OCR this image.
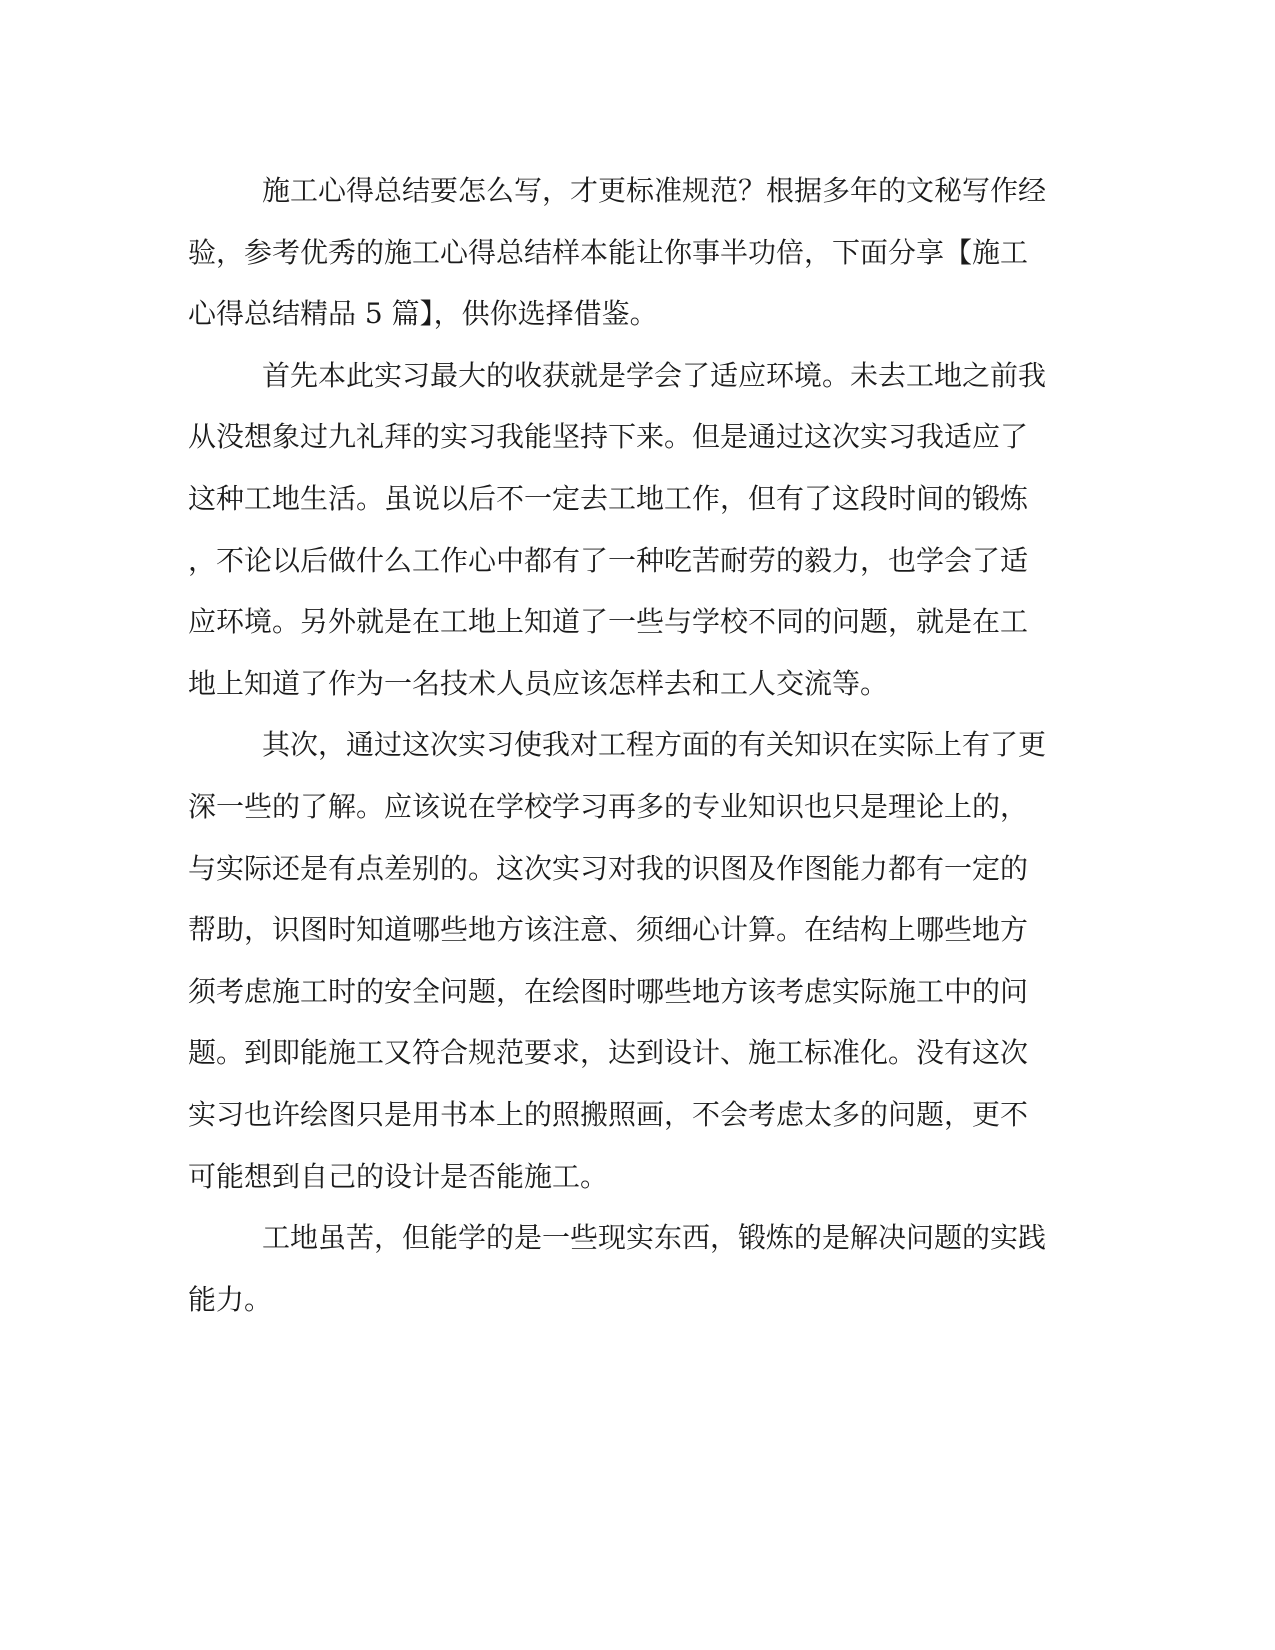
施工心得总结要怎么写，才更标准规范？根据多年的文秘写作经
验，参考优秀的施工心得总结样本能让你事半功倍，下面分享【施工
心得总结精品 5 篇】，供你选择借鉴。
首先本此实习最大的收获就是学会了适应环境。未去工地之前我
从没想象过九礼拜的实习我能坚持下来。但是通过这次实习我适应了
这种工地生活。虽说以后不一定去工地工作，但有了这段时间的锻炼
，不论以后做什么工作心中都有了一种吃苦耐劳的毅力，也学会了适
应环境。另外就是在工地上知道了一些与学校不同的问题，就是在工
地上知道了作为一名技术人员应该怎样去和工人交流等。
其次，通过这次实习使我对工程方面的有关知识在实际上有了更
深一些的了解。应该说在学校学习再多的专业知识也只是理论上的，
与实际还是有点差别的。这次实习对我的识图及作图能力都有一定的
帮助，识图时知道哪些地方该注意、须细心计算。在结构上哪些地方
须考虑施工时的安全问题，在绘图时哪些地方该考虑实际施工中的问
题。到即能施工又符合规范要求，达到设计、施工标准化。没有这次
实习也许绘图只是用书本上的照搬照画，不会考虑太多的问题，更不
可能想到自己的设计是否能施工。
工地虽苦，但能学的是一些现实东西，锻炼的是解决问题的实践
能力。
